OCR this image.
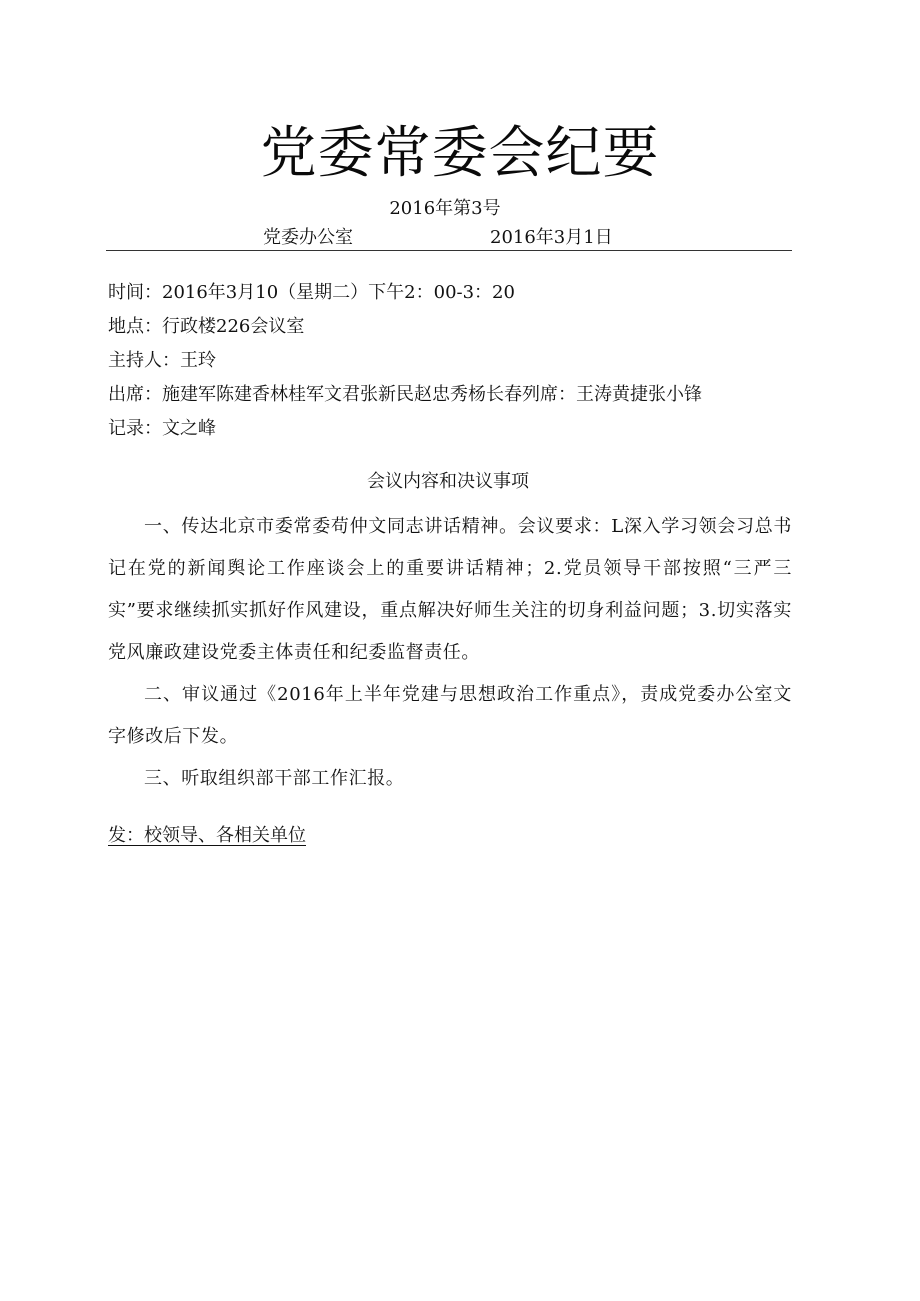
党委常委会纪要
2016年第3号
党委办公室	2016年3月1日
时间：2016年3月10（星期二）下午2：00-3：20
地点：行政楼226会议室
主持人：王玲
出席：施建军陈建香林桂军文君张新民赵忠秀杨长春列席：王涛黄捷张小锋
记录：文之峰
会议内容和决议事项

一、传达北京市委常委苟仲文同志讲话精神。会议要求：L深入学习领会习总书记在党的新闻舆论工作座谈会上的重要讲话精神；2.党员领导干部按照“三严三实”要求继续抓实抓好作风建设，重点解决好师生关注的切身利益问题；3.切实落实党风廉政建设党委主体责任和纪委监督责任。

二、审议通过《2016年上半年党建与思想政治工作重点》，责成党委办公室文字修改后下发。

三、听取组织部干部工作汇报。

发：校领导、各相关单位
